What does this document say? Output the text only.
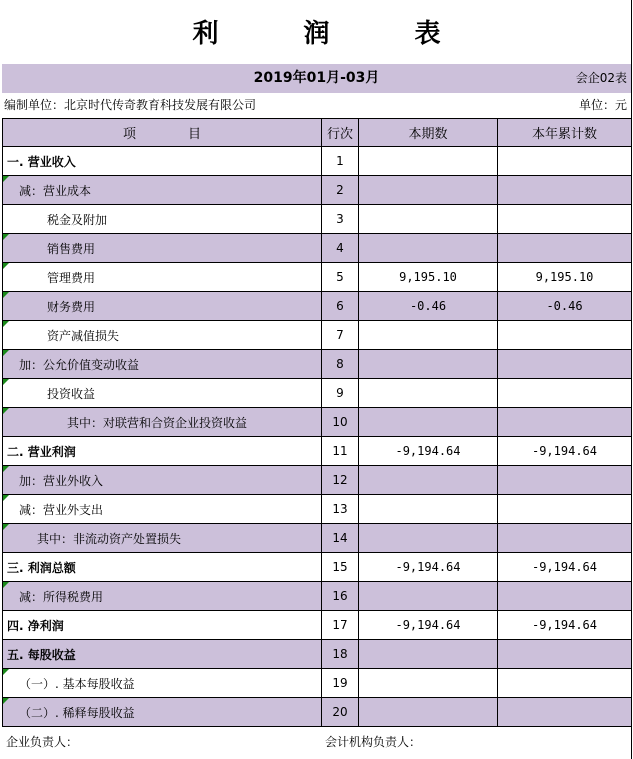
利 润 表
2019年01月-03月	会企02表
编制单位：北京时代传奇教育科技发展有限公司	单位：元
项　　　　目	行次	本期数	本年累计数
一. 营业收入	1		

减：营业成本	2		
税金及附加	3		

销售费用	4		

管理费用	5	9,195.10	9,195.10

财务费用	6	-0.46	-0.46

资产减值损失	7		

加：公允价值变动收益	8		

投资收益	9		

其中：对联营和合资企业投资收益	10		
二. 营业利润	11	-9,194.64	-9,194.64

加：营业外收入	12		

减：营业外支出	13		

其中：非流动资产处置损失	14		
三. 利润总额	15	-9,194.64	-9,194.64

减：所得税费用	16		
四. 净利润	17	-9,194.64	-9,194.64
五. 每股收益	18		

（一）. 基本每股收益	19		

（二）. 稀释每股收益	20		
企业负责人：	会计机构负责人：
